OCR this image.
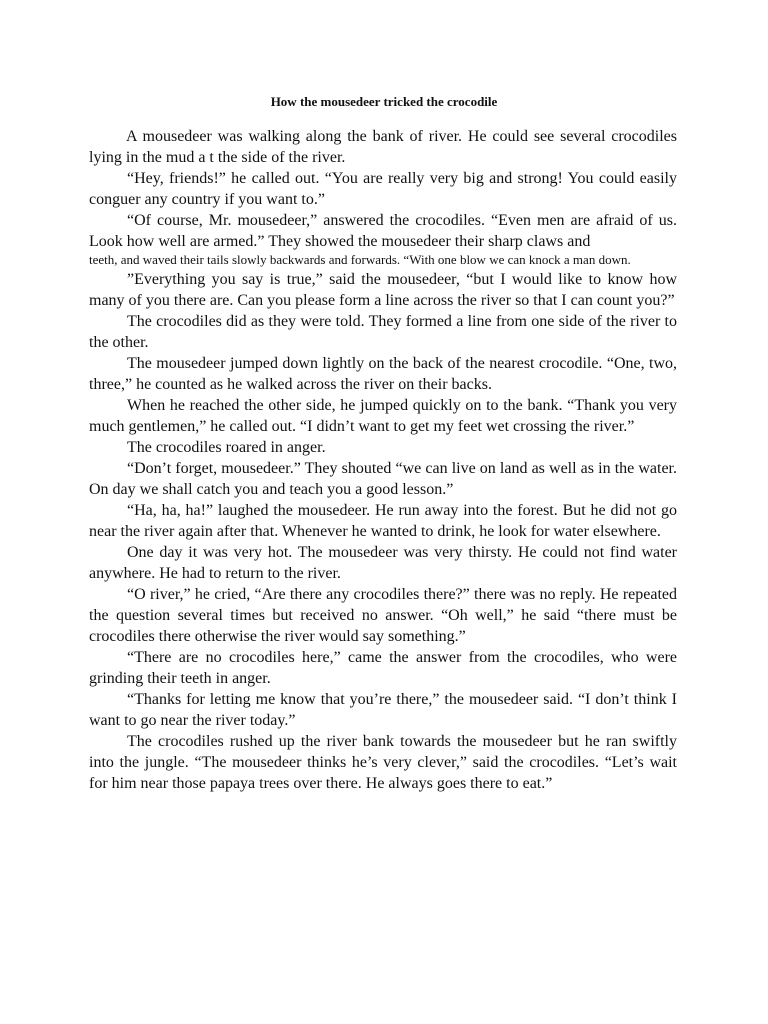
How the mousedeer tricked the crocodile

A mousedeer was walking along the bank of river. He could see several crocodiles lying in the mud a t the side of the river.

“Hey, friends!” he called out. “You are really very big and strong! You could easily conguer any country if you want to.”

“Of course, Mr. mousedeer,” answered the crocodiles. “Even men are afraid of us. Look how well are armed.” They showed the mousedeer their sharp claws and

teeth, and waved their tails slowly backwards and forwards. “With one blow we can knock a man down.

”Everything you say is true,” said the mousedeer, “but I would like to know how many of you there are. Can you please form a line across the river so that I can count you?”

The crocodiles did as they were told. They formed a line from one side of the river to the other.

The mousedeer jumped down lightly on the back of the nearest crocodile. “One, two, three,” he counted as he walked across the river on their backs.

When he reached the other side, he jumped quickly on to the bank. “Thank you very much gentlemen,” he called out. “I didn’t want to get my feet wet crossing the river.”

The crocodiles roared in anger.

“Don’t forget, mousedeer.” They shouted “we can live on land as well as in the water. On day we shall catch you and teach you a good lesson.”

“Ha, ha, ha!” laughed the mousedeer. He run away into the forest. But he did not go near the river again after that. Whenever he wanted to drink, he look for water elsewhere.

One day it was very hot. The mousedeer was very thirsty. He could not find water anywhere. He had to return to the river.

“O river,” he cried, “Are there any crocodiles there?” there was no reply. He repeated the question several times but received no answer. “Oh well,” he said “there must be crocodiles there otherwise the river would say something.”

“There are no crocodiles here,” came the answer from the crocodiles, who were grinding their teeth in anger.

“Thanks for letting me know that you’re there,” the mousedeer said. “I don’t think I want to go near the river today.”

The crocodiles rushed up the river bank towards the mousedeer but he ran swiftly into the jungle. “The mousedeer thinks he’s very clever,” said the crocodiles. “Let’s wait for him near those papaya trees over there. He always goes there to eat.”
